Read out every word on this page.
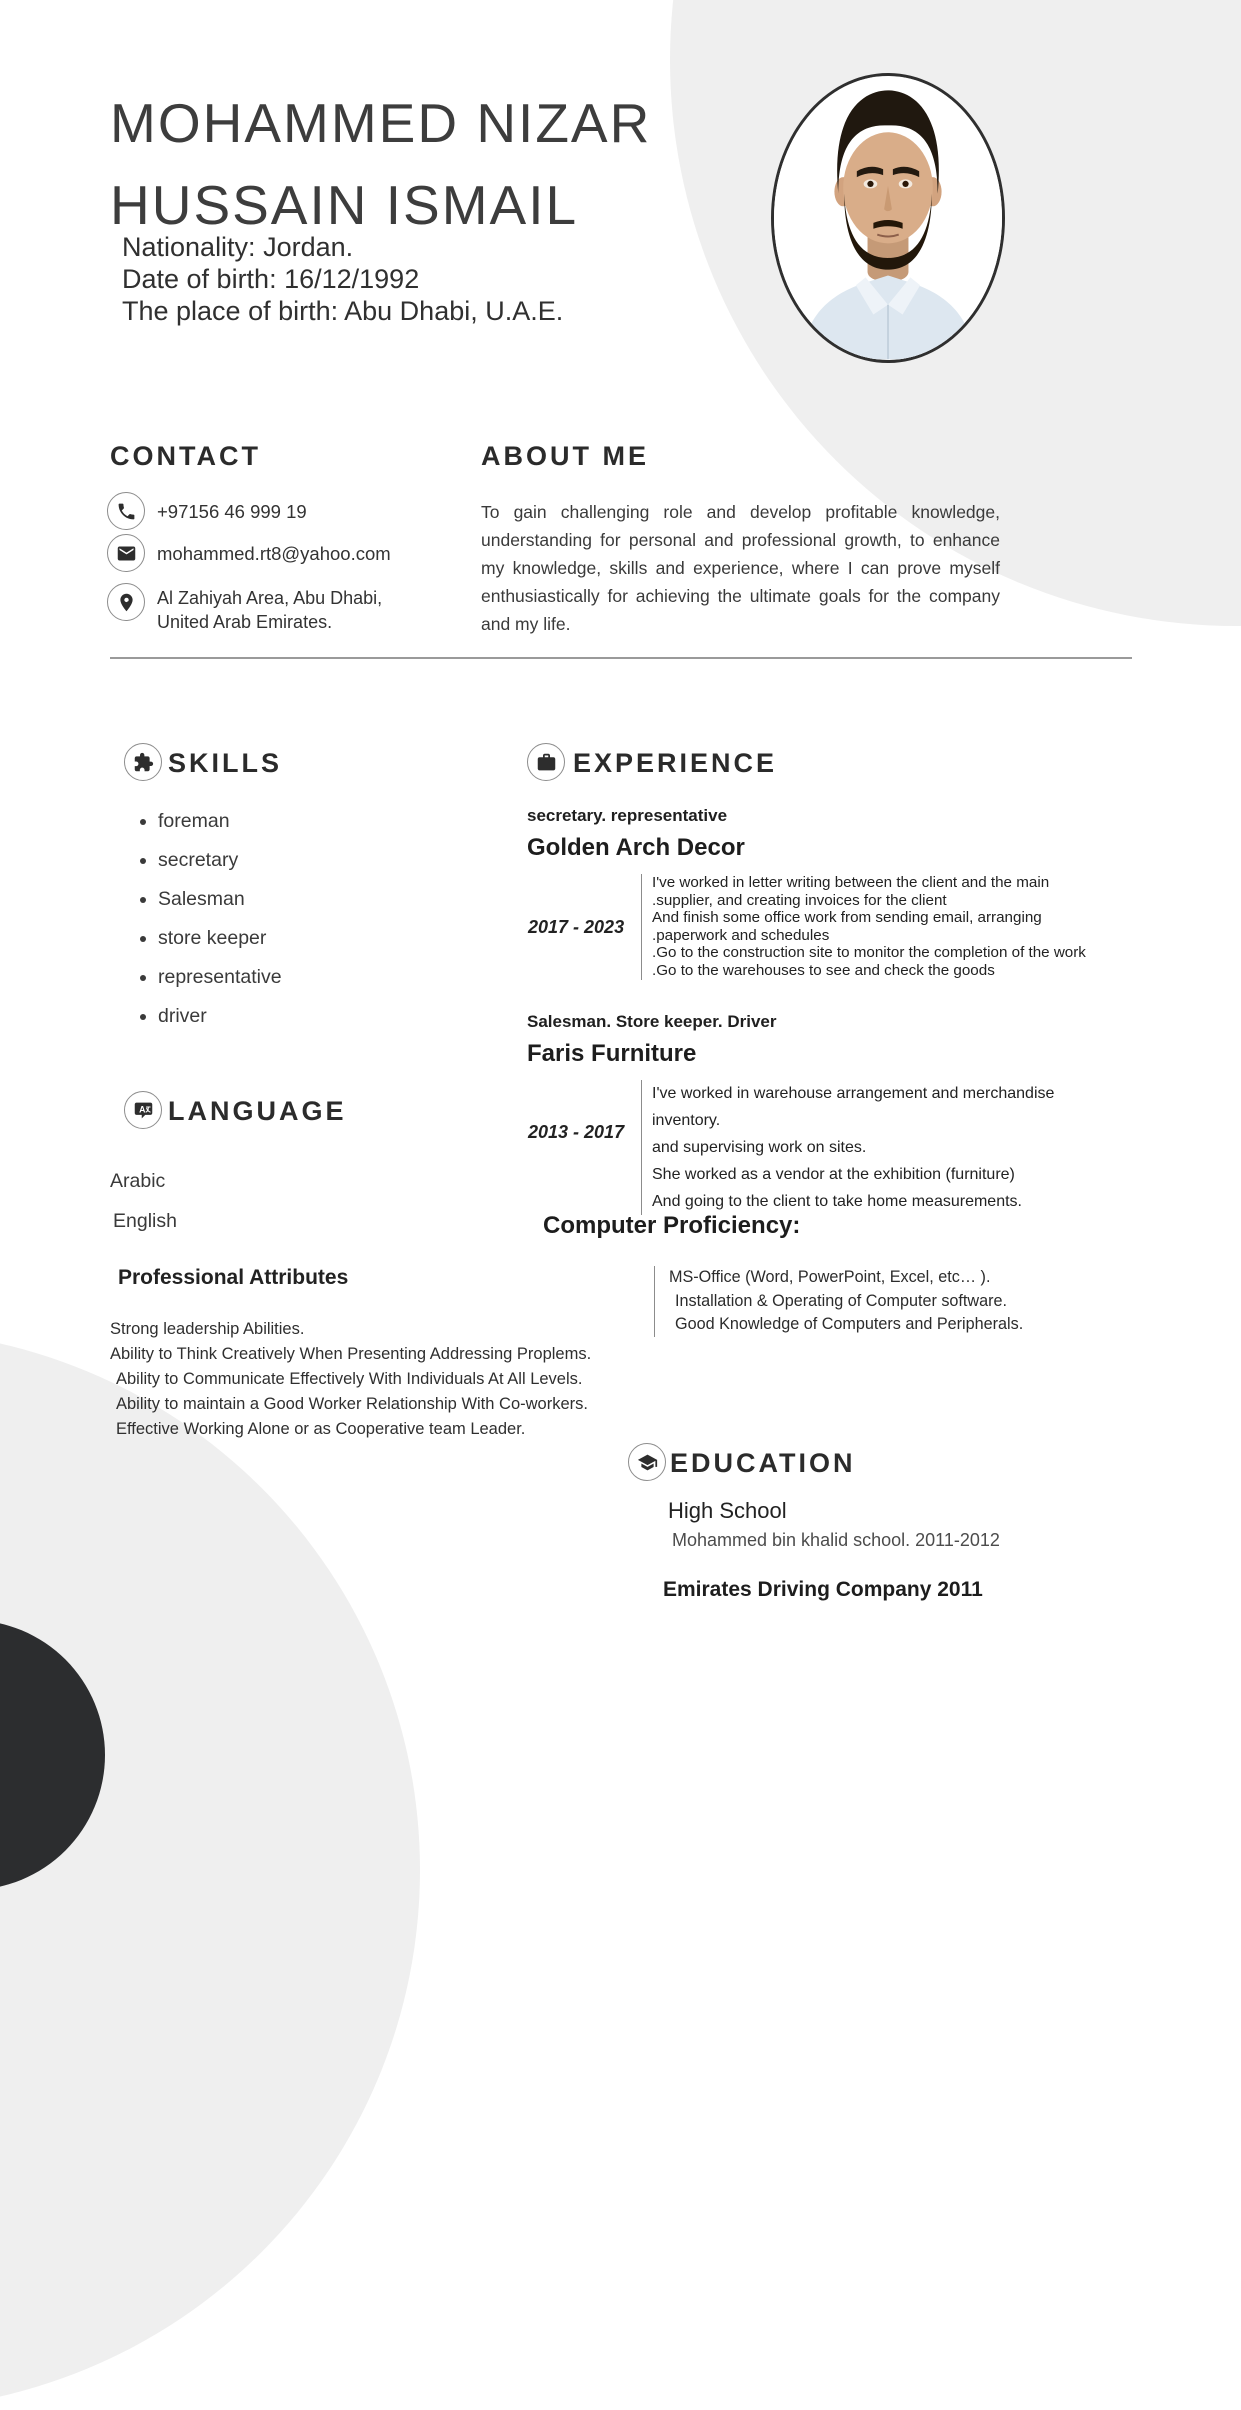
MOHAMMED NIZAR
HUSSAIN ISMAIL
Nationality: Jordan.
Date of birth: 16/12/1992
The place of birth: Abu Dhabi, U.A.E.
CONTACT
+97156 46 999 19
mohammed.rt8@yahoo.com
Al Zahiyah Area, Abu Dhabi,
United Arab Emirates.
ABOUT ME
To gain challenging role and develop profitable knowledge, understanding for personal and professional growth, to enhance my knowledge, skills and experience, where I can prove myself enthusiastically for achieving the ultimate goals for the company and my life.
SKILLS
• foreman
• secretary
• Salesman
• store keeper
• representative
• driver
A LANGUAGE
Arabic
English
Professional Attributes
Strong leadership Abilities.
Ability to Think Creatively When Presenting Addressing Proplems.
Ability to Communicate Effectively With Individuals At All Levels.
Ability to maintain a Good Worker Relationship With Co-workers.
Effective Working Alone or as Cooperative team Leader.
EXPERIENCE
secretary. representative
Golden Arch Decor
2017 - 2023
I've worked in letter writing between the client and the main
.supplier, and creating invoices for the client
And finish some office work from sending email, arranging
.paperwork and schedules
.Go to the construction site to monitor the completion of the work
.Go to the warehouses to see and check the goods
Salesman. Store keeper. Driver
Faris Furniture
2013 - 2017
I've worked in warehouse arrangement and merchandise inventory.
and supervising work on sites.
She worked as a vendor at the exhibition (furniture)
And going to the client to take home measurements.
Computer Proficiency:
MS-Office (Word, PowerPoint, Excel, etc… ).
Installation & Operating of Computer software.
Good Knowledge of Computers and Peripherals.
EDUCATION
High School
Mohammed bin khalid school. 2011-2012
Emirates Driving Company 2011
